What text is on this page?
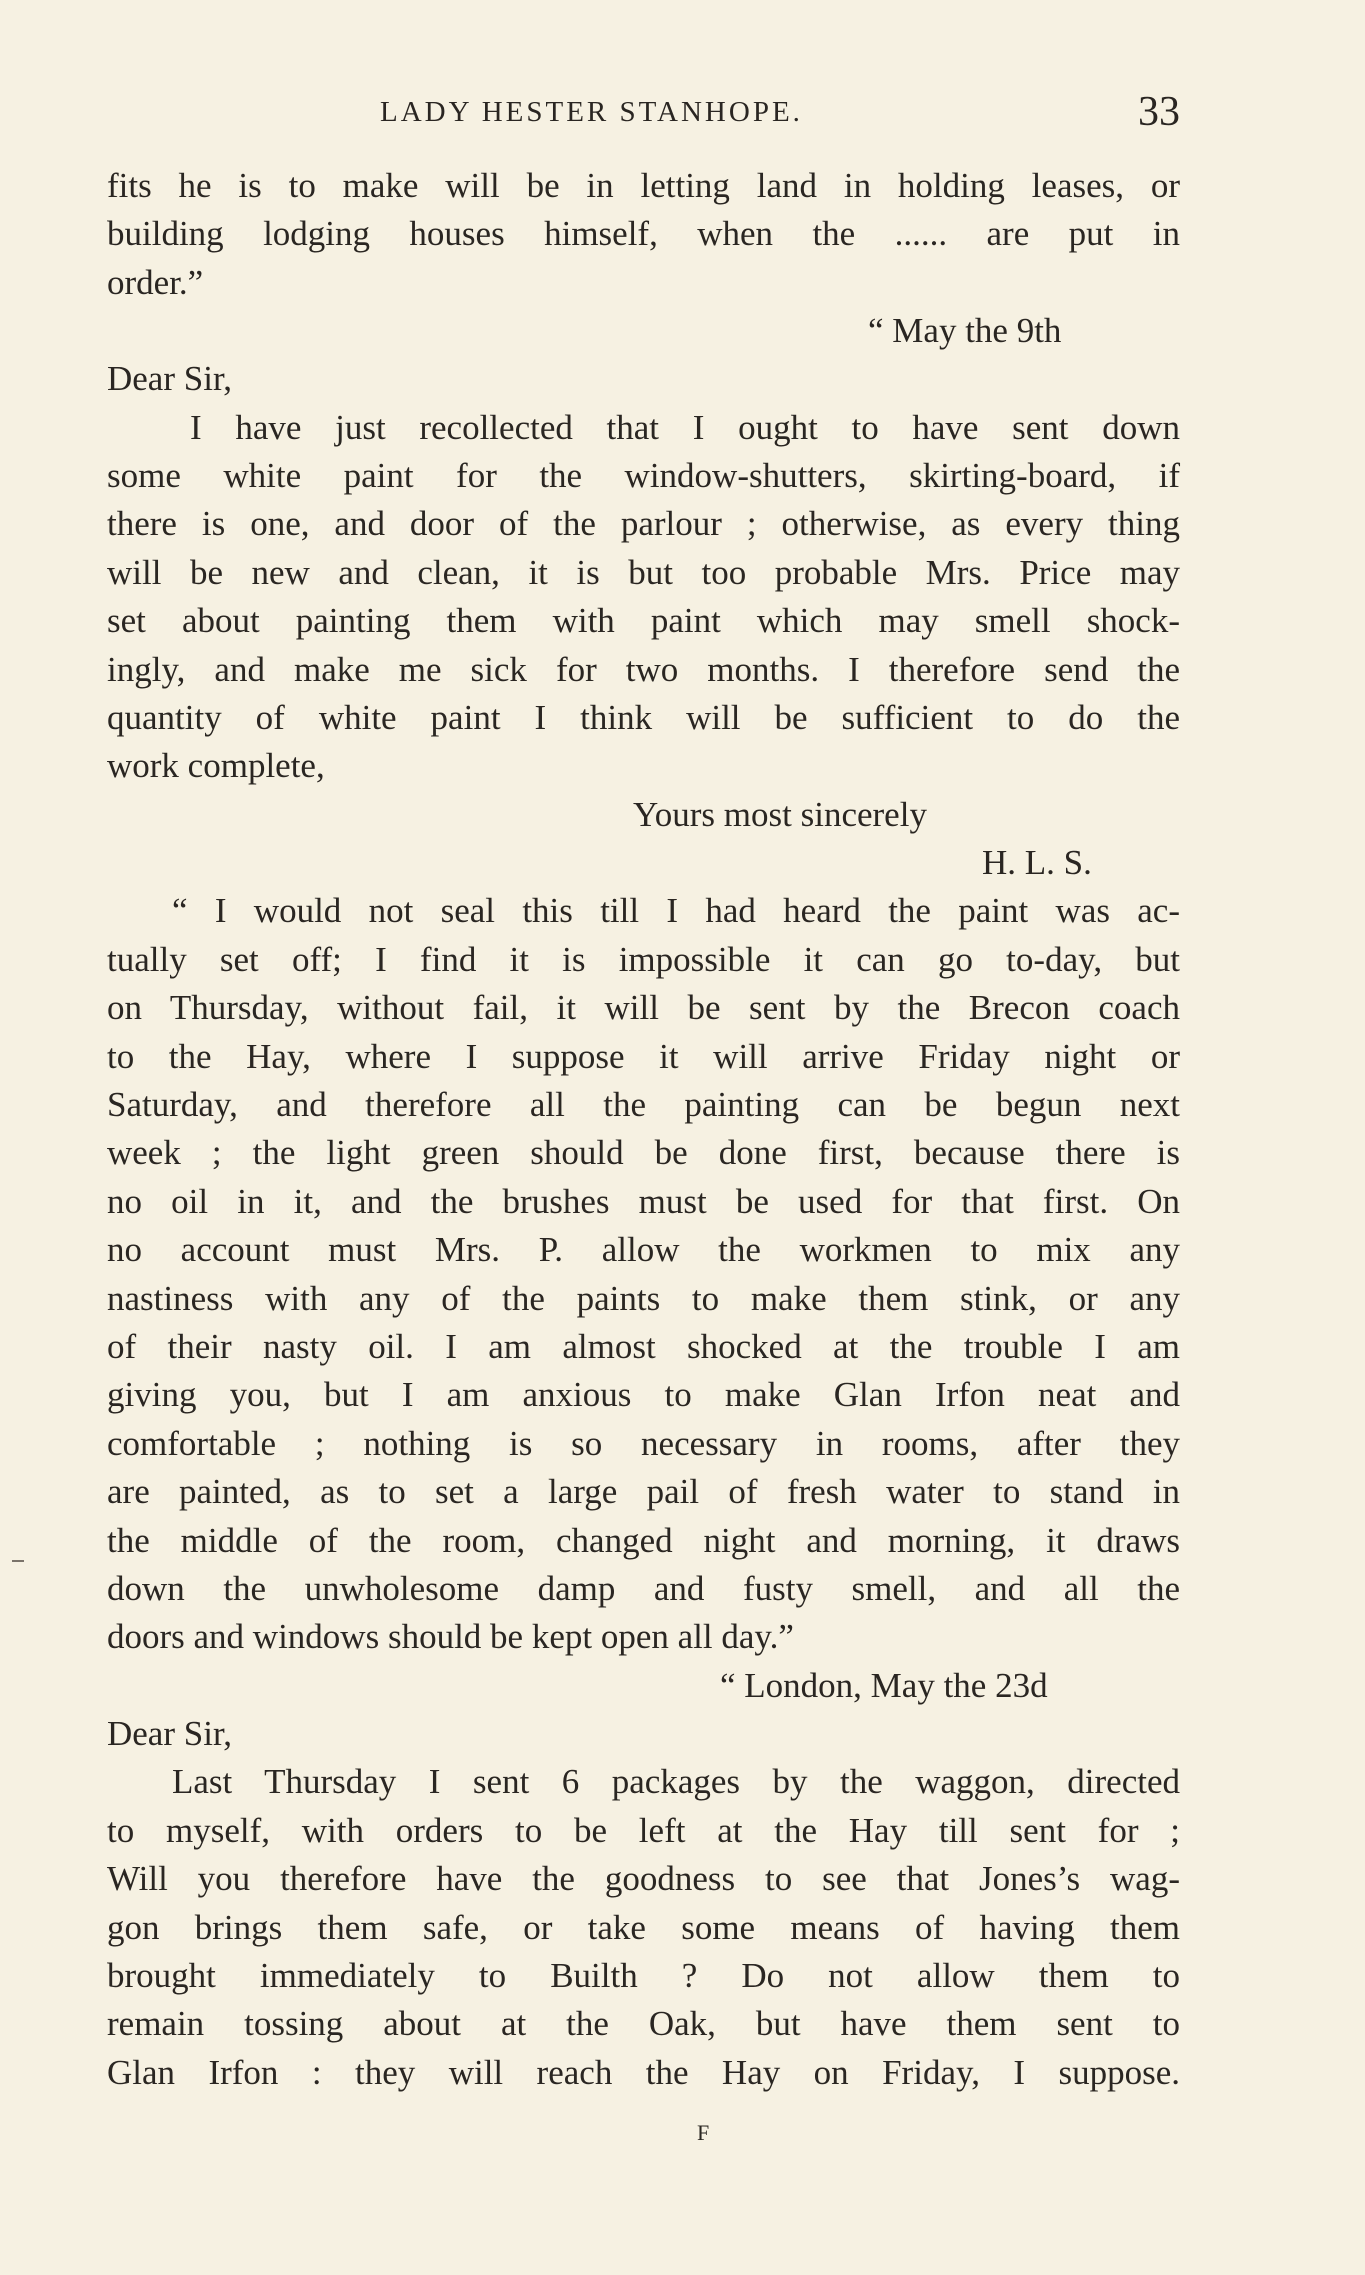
LADY HESTER STANHOPE.	33
fits he is to make will be in letting land in holding leases, or
building lodging houses himself, when the ...... are put in
order.”
“ May the 9th
Dear Sir,
I have just recollected that I ought to have sent down
some white paint for the window-shutters, skirting-board, if
there is one, and door of the parlour ; otherwise, as every thing
will be new and clean, it is but too probable Mrs. Price may
set about painting them with paint which may smell shock-
ingly, and make me sick for two months. I therefore send the
quantity of white paint I think will be sufficient to do the
work complete,
Yours most sincerely
H. L. S.
“ I would not seal this till I had heard the paint was ac-
tually set off; I find it is impossible it can go to-day, but
on Thursday, without fail, it will be sent by the Brecon coach
to the Hay, where I suppose it will arrive Friday night or
Saturday, and therefore all the painting can be begun next
week ; the light green should be done first, because there is
no oil in it, and the brushes must be used for that first. On
no account must Mrs. P. allow the workmen to mix any
nastiness with any of the paints to make them stink, or any
of their nasty oil. I am almost shocked at the trouble I am
giving you, but I am anxious to make Glan Irfon neat and
comfortable ; nothing is so necessary in rooms, after they
are painted, as to set a large pail of fresh water to stand in
the middle of the room, changed night and morning, it draws
down the unwholesome damp and fusty smell, and all the
doors and windows should be kept open all day.”
“ London, May the 23d
Dear Sir,
Last Thursday I sent 6 packages by the waggon, directed
to myself, with orders to be left at the Hay till sent for ;
Will you therefore have the goodness to see that Jones’s wag-
gon brings them safe, or take some means of having them
brought immediately to Builth ? Do not allow them to
remain tossing about at the Oak, but have them sent to
Glan Irfon : they will reach the Hay on Friday, I suppose.
F
